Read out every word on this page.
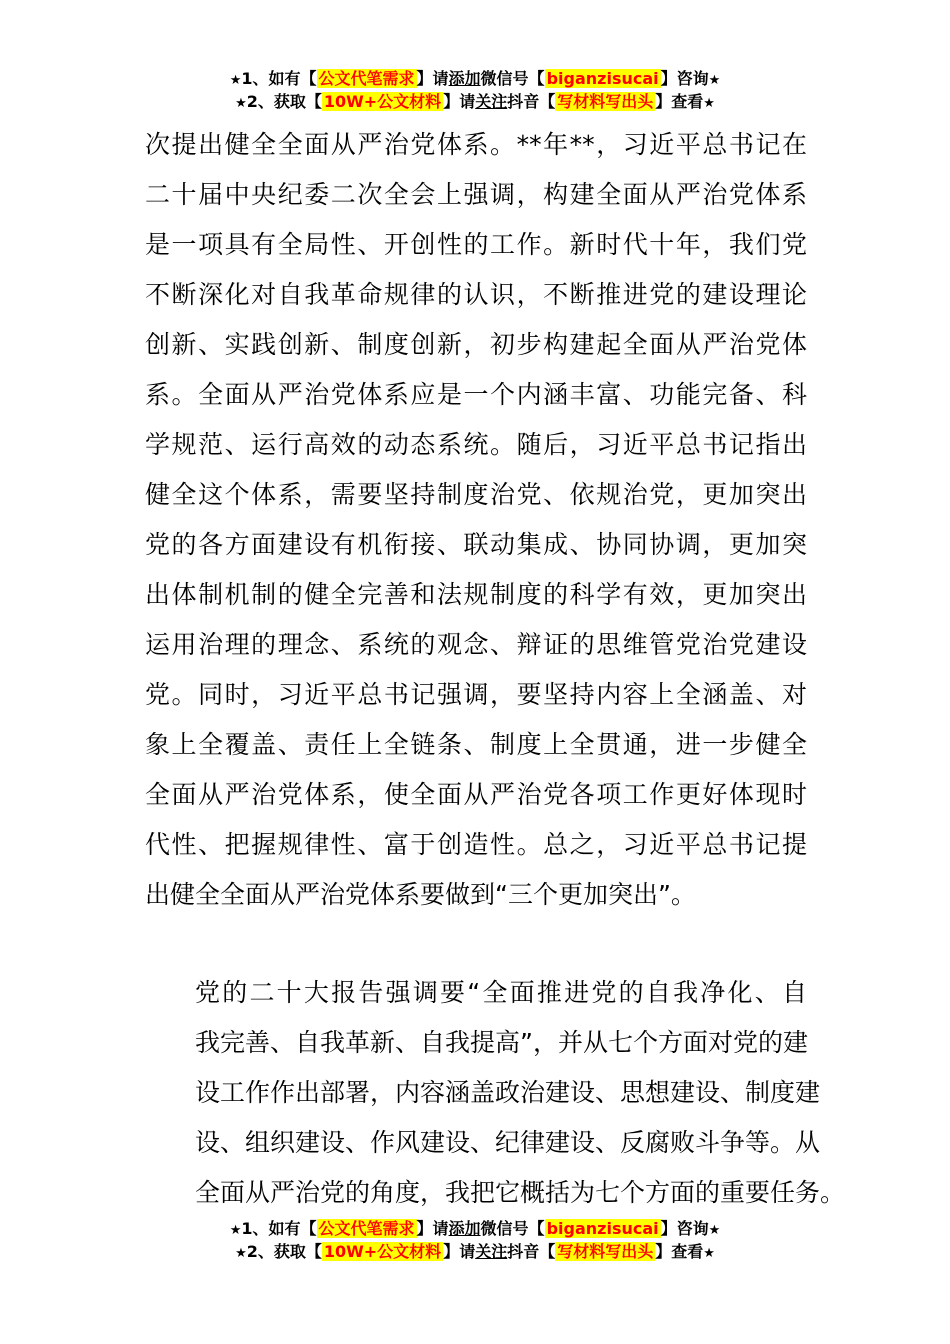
★1、如有【 公文代笔需求 】请添加微信号【 biganzisucai 】咨询★
★2、获取【 10W+公文材料 】请关注抖音【 写材料写出头 】查看★
次提出健全全面从严治党体系。**年**，习近平总书记在
二十届中央纪委二次全会上强调，构建全面从严治党体系
是一项具有全局性、开创性的工作。新时代十年，我们党
不断深化对自我革命规律的认识，不断推进党的建设理论
创新、实践创新、制度创新，初步构建起全面从严治党体
系。全面从严治党体系应是一个内涵丰富、功能完备、科
学规范、运行高效的动态系统。随后，习近平总书记指出
健全这个体系，需要坚持制度治党、依规治党，更加突出
党的各方面建设有机衔接、联动集成、协同协调，更加突
出体制机制的健全完善和法规制度的科学有效，更加突出
运用治理的理念、系统的观念、辩证的思维管党治党建设
党。同时，习近平总书记强调，要坚持内容上全涵盖、对
象上全覆盖、责任上全链条、制度上全贯通，进一步健全
全面从严治党体系，使全面从严治党各项工作更好体现时
代性、把握规律性、富于创造性。总之，习近平总书记提
出健全全面从严治党体系要做到“三个更加突出”。
党的二十大报告强调要“全面推进党的自我净化、自
我完善、自我革新、自我提高”，并从七个方面对党的建
设工作作出部署，内容涵盖政治建设、思想建设、制度建
设、组织建设、作风建设、纪律建设、反腐败斗争等。从
全面从严治党的角度，我把它概括为七个方面的重要任务。
★1、如有【 公文代笔需求 】请添加微信号【 biganzisucai 】咨询★
★2、获取【 10W+公文材料 】请关注抖音【 写材料写出头 】查看★
